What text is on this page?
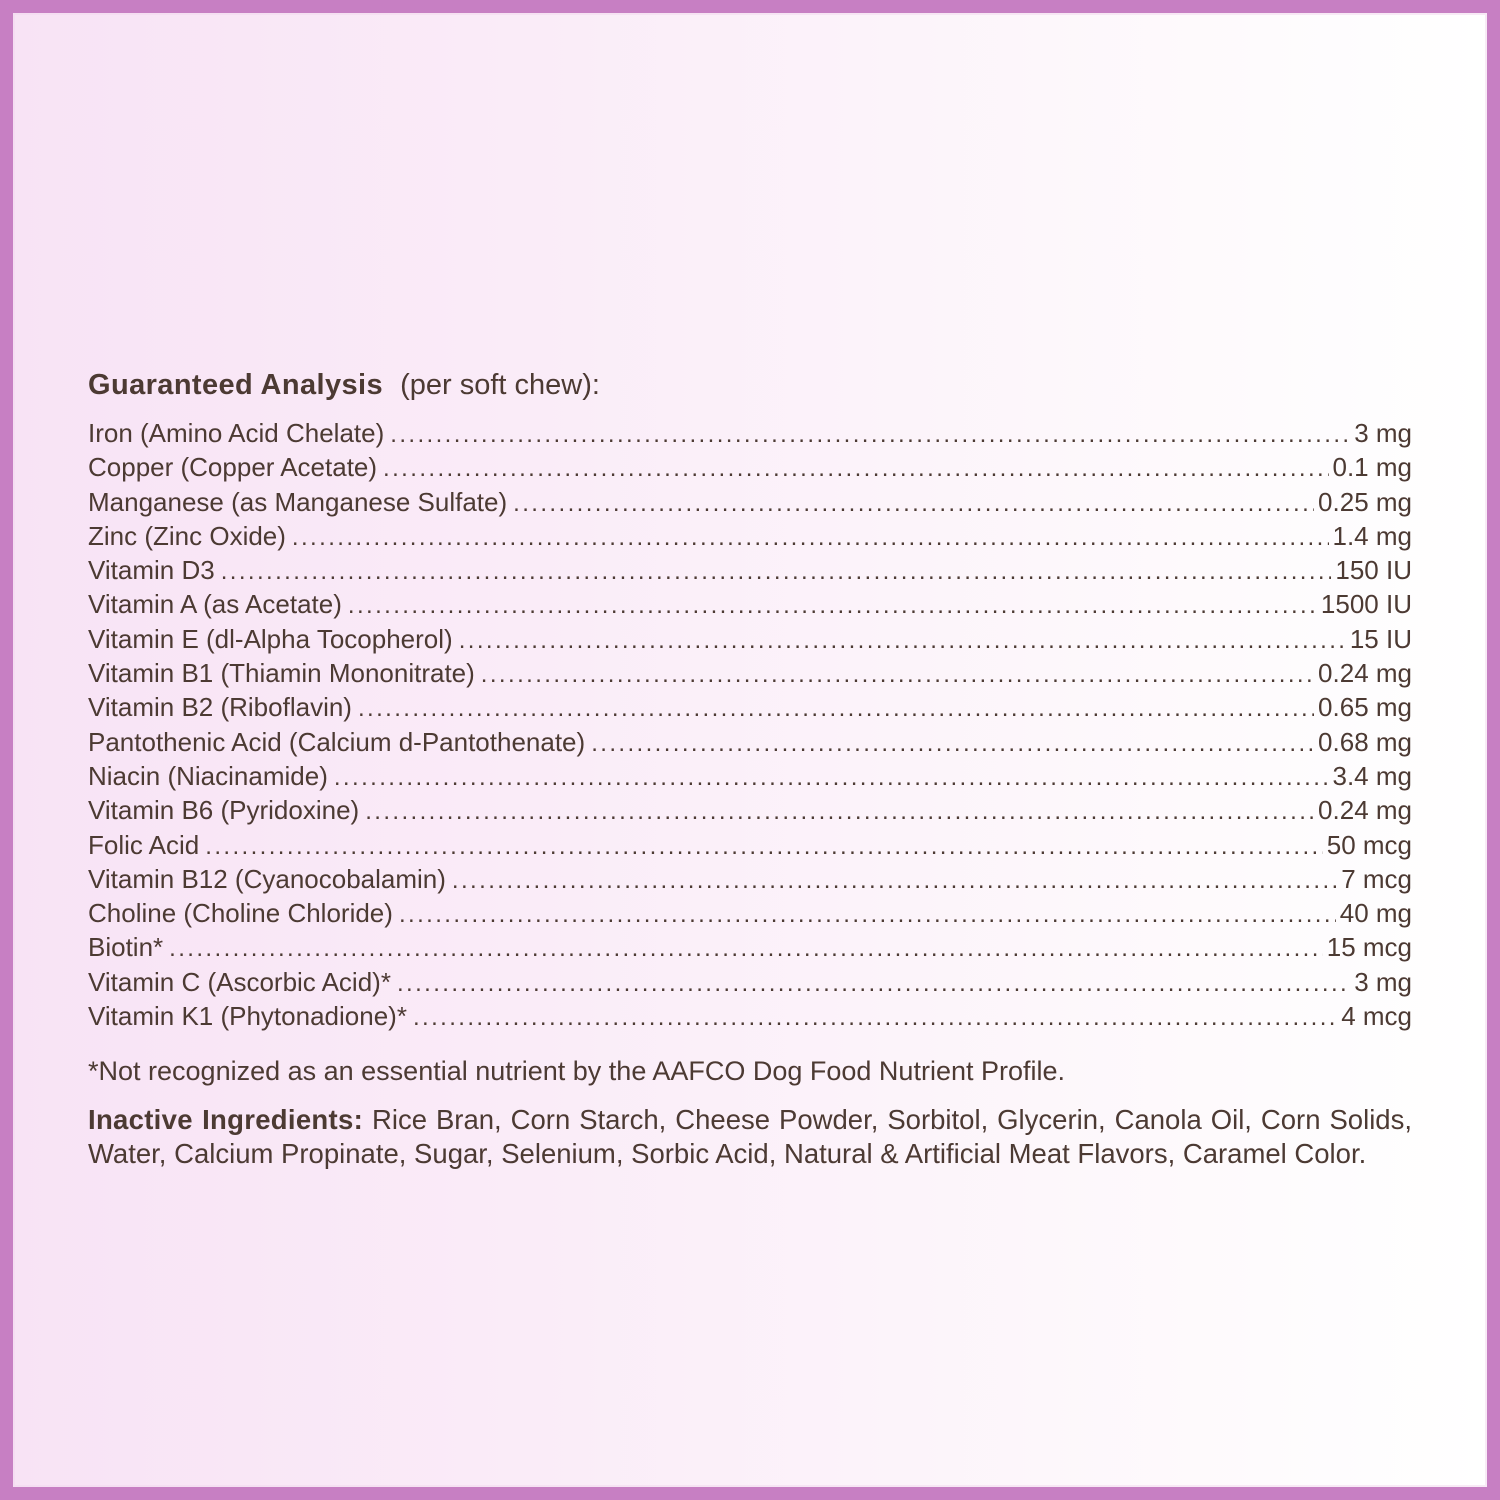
Guaranteed Analysis (per soft chew):
Iron (Amino Acid Chelate) .....	3 mg
Copper (Copper Acetate) .....	0.1 mg
Manganese (as Manganese Sulfate) .....	0.25 mg
Zinc (Zinc Oxide) .....	1.4 mg
Vitamin D3 .....	150 IU
Vitamin A (as Acetate) .....	1500 IU
Vitamin E (dl-Alpha Tocopherol) .....	15 IU
Vitamin B1 (Thiamin Mononitrate) .....	0.24 mg
Vitamin B2 (Riboflavin) .....	0.65 mg
Pantothenic Acid (Calcium d-Pantothenate) .....	0.68 mg
Niacin (Niacinamide) .....	3.4 mg
Vitamin B6 (Pyridoxine) .....	0.24 mg
Folic Acid .....	50 mcg
Vitamin B12 (Cyanocobalamin) .....	7 mcg
Choline (Choline Chloride) .....	40 mg
Biotin* .....	15 mcg
Vitamin C (Ascorbic Acid)* .....	3 mg
Vitamin K1 (Phytonadione)* .....	4 mcg
*Not recognized as an essential nutrient by the AAFCO Dog Food Nutrient Profile.

Inactive Ingredients: Rice Bran, Corn Starch, Cheese Powder, Sorbitol, Glycerin, Canola Oil, Corn Solids, Water, Calcium Propinate, Sugar, Selenium, Sorbic Acid, Natural & Artificial Meat Flavors, Caramel Color.
